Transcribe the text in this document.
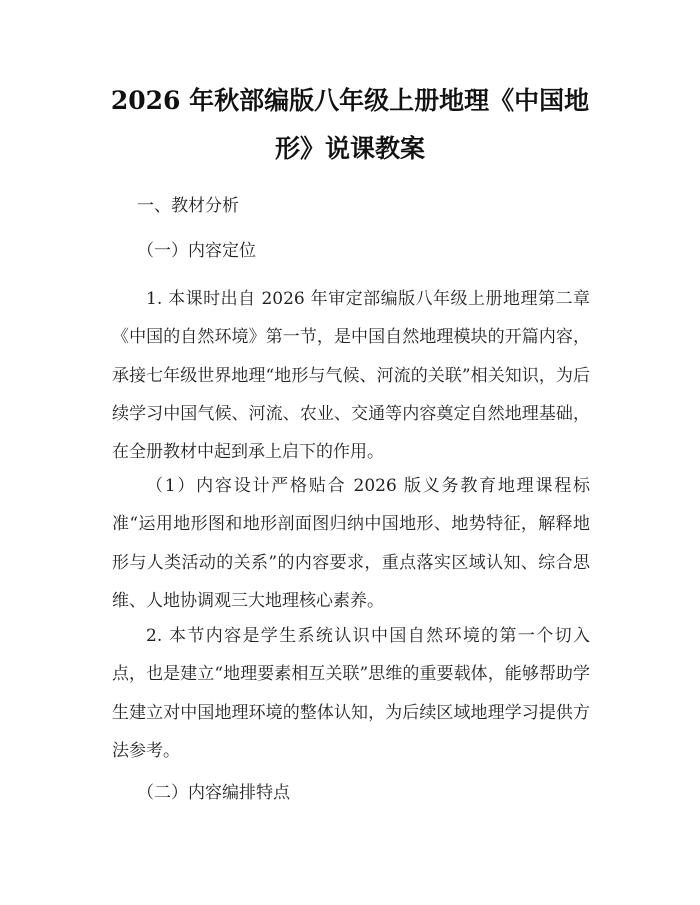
2026 年秋部编版八年级上册地理《中国地
形》说课教案

一、教材分析

（一）内容定位

1. 本课时出自 2026 年审定部编版八年级上册地理第二章《中国的自然环境》第一节，是中国自然地理模块的开篇内容，承接七年级世界地理“地形与气候、河流的关联”相关知识，为后续学习中国气候、河流、农业、交通等内容奠定自然地理基础，在全册教材中起到承上启下的作用。

（1）内容设计严格贴合 2026 版义务教育地理课程标准“运用地形图和地形剖面图归纳中国地形、地势特征，解释地形与人类活动的关系”的内容要求，重点落实区域认知、综合思维、人地协调观三大地理核心素养。

2. 本节内容是学生系统认识中国自然环境的第一个切入点，也是建立“地理要素相互关联”思维的重要载体，能够帮助学生建立对中国地理环境的整体认知，为后续区域地理学习提供方法参考。

（二）内容编排特点
